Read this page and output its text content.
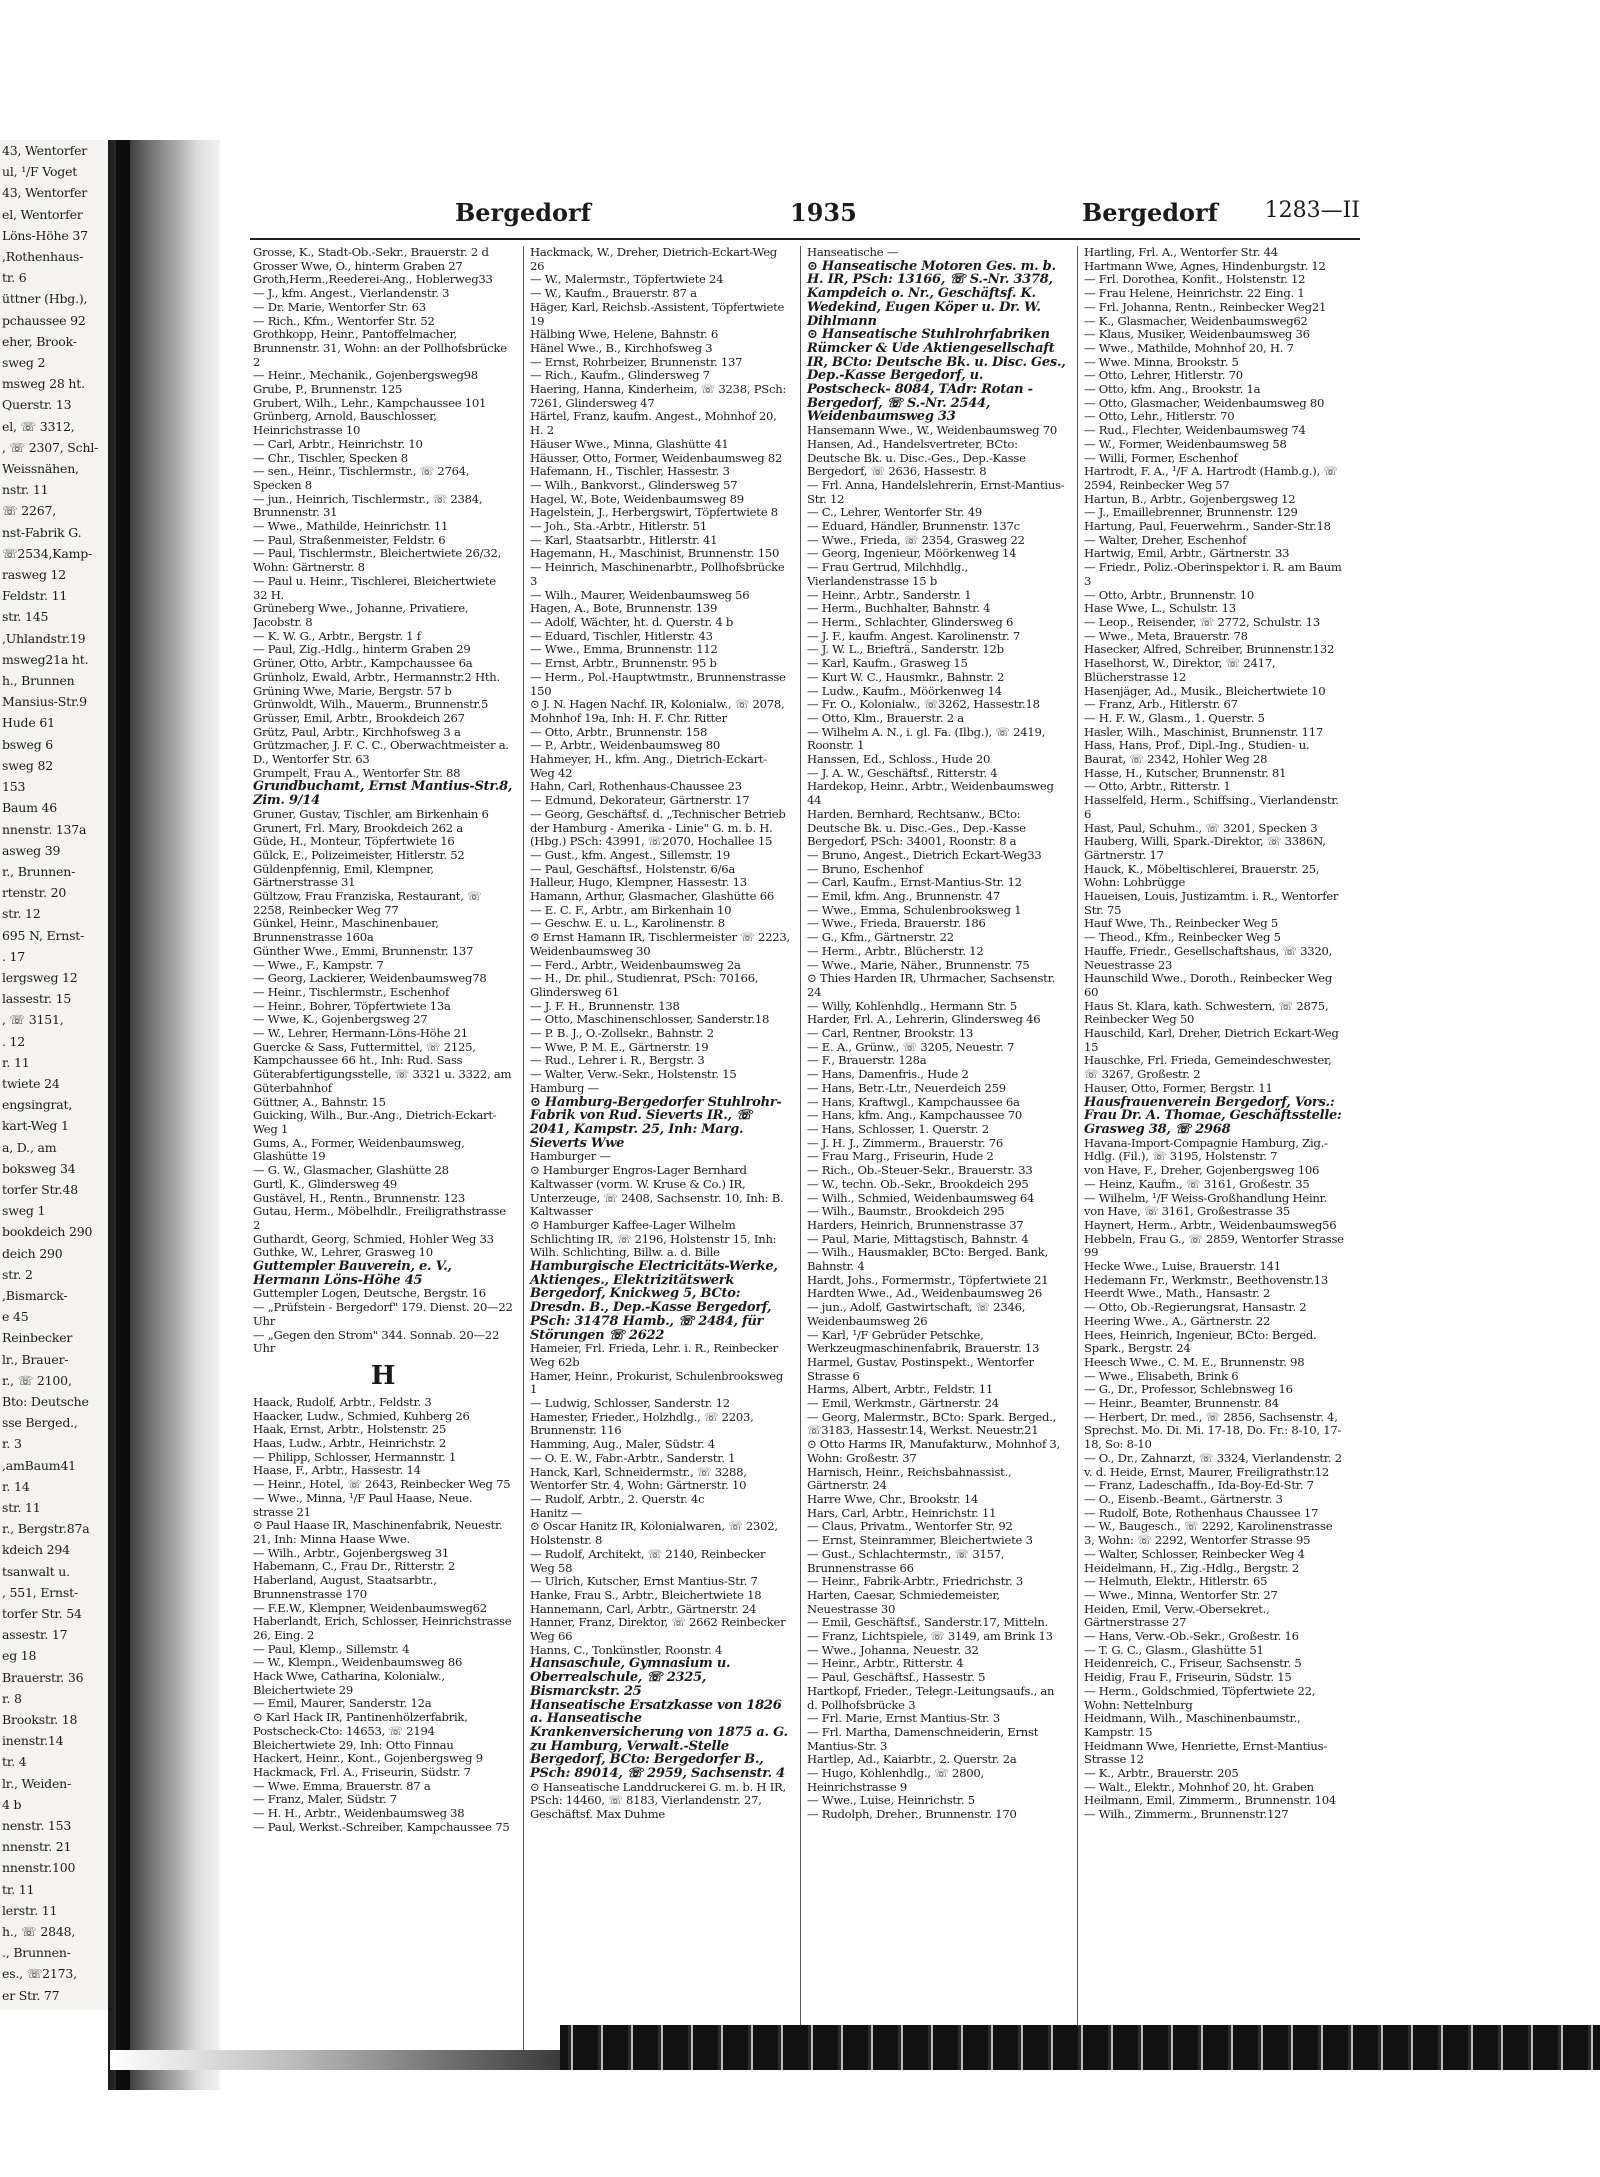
43, Wentorfer
ul, ¹/F Voget
43, Wentorfer
el, Wentorfer
Löns-Höhe 37
,Rothenhaus-
tr. 6
üttner (Hbg.),
pchaussee 92
eher, Brook-
sweg 2
msweg 28 ht.
Querstr. 13
el, ☏ 3312,
, ☏ 2307, Schl-
Weissnähen,
nstr. 11
☏ 2267,
nst-Fabrik G.
☏2534,Kamp-
rasweg 12
Feldstr. 11
str. 145
,Uhlandstr.19
msweg21a ht.
h., Brunnen
Mansius-Str.9
Hude 61
bsweg 6
sweg 82
153
Baum 46
nnenstr. 137a
asweg 39
r., Brunnen-
rtenstr. 20
str. 12
695 N, Ernst-
. 17
lergsweg 12
lassestr. 15
, ☏ 3151,
. 12
r. 11
twiete 24
engsingrat,
kart-Weg 1
a, D., am
boksweg 34
torfer Str.48
sweg 1
bookdeich 290
deich 290
str. 2
,Bismarck-
e 45
Reinbecker
lr., Brauer-
r., ☏ 2100,
Bto: Deutsche
sse Berged.,
r. 3
,amBaum41
r. 14
str. 11
r., Bergstr.87a
kdeich 294
tsanwalt u.
, 551, Ernst-
torfer Str. 54
assestr. 17
eg 18
Brauerstr. 36
r. 8
Brookstr. 18
inenstr.14
tr. 4
lr., Weiden-
4 b
nenstr. 153
nnenstr. 21
nnenstr.100
tr. 11
lerstr. 11
h., ☏ 2848,
., Brunnen-
es., ☏2173,
er Str. 77
Bergedorf	1935	Bergedorf 1283—II

Grosse, K., Stadt-Ob.-Sekr., Brauerstr. 2 d

Grosser Wwe, O., hinterm Graben 27

Groth,Herm.,Reederei-Ang., Hoblerweg33

— J., kfm. Angest., Vierlandenstr. 3

— Dr. Marie, Wentorfer Str. 63

— Rich., Kfm., Wentorfer Str. 52

Grothkopp, Heinr., Pantoffelmacher, Brunnenstr. 31, Wohn: an der Pollhofsbrücke 2

— Heinr., Mechanik., Gojenbergsweg98

Grube, P., Brunnenstr. 125

Grubert, Wilh., Lehr., Kampchaussee 101

Grünberg, Arnold, Bauschlosser, Heinrichstrasse 10

— Carl, Arbtr., Heinrichstr. 10

— Chr., Tischler, Specken 8

— sen., Heinr., Tischlermstr., ☏ 2764, Specken 8

— jun., Heinrich, Tischlermstr., ☏ 2384, Brunnenstr. 31

— Wwe., Mathilde, Heinrichstr. 11

— Paul, Straßenmeister, Feldstr. 6

— Paul, Tischlermstr., Bleichertwiete 26/32, Wohn: Gärtnerstr. 8

— Paul u. Heinr., Tischlerei, Bleichertwiete 32 H.

Grüneberg Wwe., Johanne, Privatiere, Jacobstr. 8

— K. W. G., Arbtr., Bergstr. 1 f

— Paul, Zig.-Hdlg., hinterm Graben 29

Grüner, Otto, Arbtr., Kampchaussee 6a

Grünholz, Ewald, Arbtr., Hermannstr.2 Hth.

Grüning Wwe, Marie, Bergstr. 57 b

Grünwoldt, Wilh., Mauerm., Brunnenstr.5

Grüsser, Emil, Arbtr., Brookdeich 267

Grütz, Paul, Arbtr., Kirchhofsweg 3 a

Grützmacher, J. F. C. C., Oberwachtmeister a. D., Wentorfer Str. 63

Grumpelt, Frau A., Wentorfer Str. 88

Grundbuchamt, Ernst Mantius-Str.8, Zim. 9/14

Gruner, Gustav, Tischler, am Birkenhain 6

Grunert, Frl. Mary, Brookdeich 262 a

Güde, H., Monteur, Töpfertwiete 16

Gülck, E., Polizeimeister, Hitlerstr. 52

Güldenpfennig, Emil, Klempner, Gärtnerstrasse 31

Gültzow, Frau Franziska, Restaurant, ☏ 2258, Reinbecker Weg 77

Günkel, Heinr., Maschinenbauer, Brunnenstrasse 160a

Günther Wwe., Emmi, Brunnenstr. 137

— Wwe., F., Kampstr. 7

— Georg, Lackierer, Weidenbaumsweg78

— Heinr., Tischlermstr., Eschenhof

— Heinr., Bohrer, Töpfertwiete 13a

— Wwe, K., Gojenbergsweg 27

— W., Lehrer, Hermann-Löns-Höhe 21

Guercke & Sass, Futtermittel, ☏ 2125, Kampchaussee 66 ht., Inh: Rud. Sass

Güterabfertigungsstelle, ☏ 3321 u. 3322, am Güterbahnhof

Güttner, A., Bahnstr. 15

Guicking, Wilh., Bur.-Ang., Dietrich-Eckart-Weg 1

Gums, A., Former, Weidenbaumsweg, Glashütte 19

— G. W., Glasmacher, Glashütte 28

Gurtl, K., Glindersweg 49

Gustävel, H., Rentn., Brunnenstr. 123

Gutau, Herm., Möbelhdlr., Freiligrathstrasse 2

Guthardt, Georg, Schmied, Hohler Weg 33

Guthke, W., Lehrer, Grasweg 10

Guttempler Bauverein, e. V., Hermann Löns-Höhe 45

Guttempler Logen, Deutsche, Bergstr. 16

— „Prüfstein - Bergedorf" 179. Dienst. 20—22 Uhr

— „Gegen den Strom" 344. Sonnab. 20—22 Uhr

H

Haack, Rudolf, Arbtr., Feldstr. 3

Haacker, Ludw., Schmied, Kuhberg 26

Haak, Ernst, Arbtr., Holstenstr. 25

Haas, Ludw., Arbtr., Heinrichstr. 2

— Philipp, Schlosser, Hermannstr. 1

Haase, F., Arbtr., Hassestr. 14

— Heinr., Hotel, ☏ 2643, Reinbecker Weg 75

— Wwe., Minna, ¹/F Paul Haase, Neue. strasse 21

⊙ Paul Haase IR, Maschinenfabrik, Neuestr. 21, Inh: Minna Haase Wwe.

— Wilh., Arbtr., Gojenbergsweg 31

Habemann, C., Frau Dr., Ritterstr. 2

Haberland, August, Staatsarbtr., Brunnenstrasse 170

— F.E.W., Klempner, Weidenbaumsweg62

Haberlandt, Erich, Schlosser, Heinrichstrasse 26, Eing. 2

— Paul, Klemp., Sillemstr. 4

— W., Klempn., Weidenbaumsweg 86

Hack Wwe, Catharina, Kolonialw., Bleichertwiete 29

— Emil, Maurer, Sanderstr. 12a

⊙ Karl Hack IR, Pantinenhölzerfabrik, Postscheck-Cto: 14653, ☏ 2194 Bleichertwiete 29, Inh: Otto Finnau

Hackert, Heinr., Kont., Gojenbergsweg 9

Hackmack, Frl. A., Friseurin, Südstr. 7

— Wwe. Emma, Brauerstr. 87 a

— Franz, Maler, Südstr. 7

— H. H., Arbtr., Weidenbaumsweg 38

— Paul, Werkst.-Schreiber, Kampchaussee 75

Hackmack, W., Dreher, Dietrich-Eckart-Weg 26

— W., Malermstr., Töpfertwiete 24

— W., Kaufm., Brauerstr. 87 a

Häger, Karl, Reichsb.-Assistent, Töpfertwiete 19

Hälbing Wwe, Helene, Bahnstr. 6

Hänel Wwe., B., Kirchhofsweg 3

— Ernst, Rohrbeizer, Brunnenstr. 137

— Rich., Kaufm., Glindersweg 7

Haering, Hanna, Kinderheim, ☏ 3238, PSch: 7261, Glindersweg 47

Härtel, Franz, kaufm. Angest., Mohnhof 20, H. 2

Häuser Wwe., Minna, Glashütte 41

Häusser, Otto, Former, Weidenbaumsweg 82

Hafemann, H., Tischler, Hassestr. 3

— Wilh., Bankvorst., Glindersweg 57

Hagel, W., Bote, Weidenbaumsweg 89

Hagelstein, J., Herbergswirt, Töpfertwiete 8

— Joh., Sta.-Arbtr., Hitlerstr. 51

— Karl, Staatsarbtr., Hitlerstr. 41

Hagemann, H., Maschinist, Brunnenstr. 150

— Heinrich, Maschinenarbtr., Pollhofsbrücke 3

— Wilh., Maurer, Weidenbaumsweg 56

Hagen, A., Bote, Brunnenstr. 139

— Adolf, Wächter, ht. d. Querstr. 4 b

— Eduard, Tischler, Hitlerstr. 43

— Wwe., Emma, Brunnenstr. 112

— Ernst, Arbtr., Brunnenstr. 95 b

— Herm., Pol.-Hauptwtmstr., Brunnenstrasse 150

⊙ J. N. Hagen Nachf. IR, Kolonialw., ☏ 2078, Mohnhof 19a, Inh: H. F. Chr. Ritter

— Otto, Arbtr., Brunnenstr. 158

— P., Arbtr., Weidenbaumsweg 80

Hahmeyer, H., kfm. Ang., Dietrich-Eckart-Weg 42

Hahn, Carl, Rothenhaus-Chaussee 23

— Edmund, Dekorateur, Gärtnerstr. 17

— Georg, Geschäftsf. d. „Technischer Betrieb der Hamburg - Amerika - Linie" G. m. b. H. (Hbg.) PSch: 43991, ☏2070, Hochallee 15

— Gust., kfm. Angest., Sillemstr. 19

— Paul, Geschäftsf., Holstenstr. 6/6a

Halleur, Hugo, Klempner, Hassestr. 13

Hamann, Arthur, Glasmacher, Glashütte 66

— E. C. F., Arbtr., am Birkenhain 10

— Geschw. E. u. L., Karolinenstr. 8

⊙ Ernst Hamann IR, Tischlermeister ☏ 2223, Weidenbaumsweg 30

— Ferd., Arbtr., Weidenbaumsweg 2a

— H., Dr. phil., Studienrat, PSch: 70166, Glindersweg 61

— J. F. H., Brunnenstr. 138

— Otto, Maschinenschlosser, Sanderstr.18

— P. B. J., O.-Zollsekr., Bahnstr. 2

— Wwe, P. M. E., Gärtnerstr. 19

— Rud., Lehrer i. R., Bergstr. 3

— Walter, Verw.-Sekr., Holstenstr. 15

Hamburg —

⊙ Hamburg-Bergedorfer Stuhlrohr-Fabrik von Rud. Sieverts IR., ☏ 2041, Kampstr. 25, Inh: Marg. Sieverts Wwe

Hamburger —

⊙ Hamburger Engros-Lager Bernhard Kaltwasser (vorm. W. Kruse & Co.) IR, Unterzeuge, ☏ 2408, Sachsenstr. 10, Inh: B. Kaltwasser

⊙ Hamburger Kaffee-Lager Wilhelm Schlichting IR, ☏ 2196, Holstenstr 15, Inh: Wilh. Schlichting, Billw. a. d. Bille

Hamburgische Electricitäts-Werke, Aktienges., Elektrizitätswerk Bergedorf, Knickweg 5, BCto: Dresdn. B., Dep.-Kasse Bergedorf, PSch: 31478 Hamb., ☏ 2484, für Störungen ☏ 2622

Hameier, Frl. Frieda, Lehr. i. R., Reinbecker Weg 62b

Hamer, Heinr., Prokurist, Schulenbrooksweg 1

— Ludwig, Schlosser, Sanderstr. 12

Hamester, Frieder., Holzhdlg., ☏ 2203, Brunnenstr. 116

Hamming, Aug., Maler, Südstr. 4

— O. E. W., Fabr.-Arbtr., Sanderstr. 1

Hanck, Karl, Schneidermstr., ☏ 3288, Wentorfer Str. 4, Wohn: Gärtnerstr. 10

— Rudolf, Arbtr., 2. Querstr. 4c

Hanitz —

⊙ Oscar Hanitz IR, Kolonialwaren, ☏ 2302, Holstenstr. 8

— Rudolf, Architekt, ☏ 2140, Reinbecker Weg 58

— Ulrich, Kutscher, Ernst Mantius-Str. 7

Hanke, Frau S., Arbtr., Bleichertwiete 18

Hannemann, Carl, Arbtr., Gärtnerstr. 24

Hanner, Franz, Direktor, ☏ 2662 Reinbecker Weg 66

Hanns, C., Tonkünstler, Roonstr. 4

Hansaschule, Gymnasium u. Oberrealschule, ☏ 2325, Bismarckstr. 25

Hanseatische Ersatzkasse von 1826 a. Hanseatische Krankenversicherung von 1875 a. G. zu Hamburg, Verwalt.-Stelle Bergedorf, BCto: Bergedorfer B., PSch: 89014, ☏ 2959, Sachsenstr. 4

⊙ Hanseatische Landdruckerei G. m. b. H IR, PSch: 14460, ☏ 8183, Vierlandenstr. 27, Geschäftsf. Max Duhme

Hanseatische —

⊙ Hanseatische Motoren Ges. m. b. H. IR, PSch: 13166, ☏ S.-Nr. 3378, Kampdeich o. Nr., Geschäftsf. K. Wedekind, Eugen Köper u. Dr. W. Dihlmann

⊙ Hanseatische Stuhlrohrfabriken Rümcker & Ude Aktiengesellschaft IR, BCto: Deutsche Bk. u. Disc. Ges., Dep.-Kasse Bergedorf, u. Postscheck- 8084, TAdr: Rotan - Bergedorf, ☏ S.-Nr. 2544, Weidenbaumsweg 33

Hansemann Wwe., W., Weidenbaumsweg 70

Hansen, Ad., Handelsvertreter, BCto: Deutsche Bk. u. Disc.-Ges., Dep.-Kasse Bergedorf, ☏ 2636, Hassestr. 8

— Frl. Anna, Handelslehrerin, Ernst-Mantius-Str. 12

— C., Lehrer, Wentorfer Str. 49

— Eduard, Händler, Brunnenstr. 137c

— Wwe., Frieda, ☏ 2354, Grasweg 22

— Georg, Ingenieur, Möörkenweg 14

— Frau Gertrud, Milchhdlg., Vierlandenstrasse 15 b

— Heinr., Arbtr., Sanderstr. 1

— Herm., Buchhalter, Bahnstr. 4

— Herm., Schlachter, Glindersweg 6

— J. F., kaufm. Angest. Karolinenstr. 7

— J. W. L., Briefträ., Sanderstr. 12b

— Karl, Kaufm., Grasweg 15

— Kurt W. C., Hausmkr., Bahnstr. 2

— Ludw., Kaufm., Möörkenweg 14

— Fr. O., Kolonialw., ☏3262, Hassestr.18

— Otto, Klm., Brauerstr. 2 a

— Wilhelm A. N., i. gl. Fa. (Ilbg.), ☏ 2419, Roonstr. 1

Hanssen, Ed., Schloss., Hude 20

— J. A. W., Geschäftsf., Ritterstr. 4

Hardekop, Heinr., Arbtr., Weidenbaumsweg 44

Harden, Bernhard, Rechtsanw., BCto: Deutsche Bk. u. Disc.-Ges., Dep.-Kasse Bergedorf, PSch: 34001, Roonstr. 8 a

— Bruno, Angest., Dietrich Eckart-Weg33

— Bruno, Eschenhof

— Carl, Kaufm., Ernst-Mantius-Str. 12

— Emil, kfm. Ang., Brunnenstr. 47

— Wwe., Emma, Schulenbrooksweg 1

— Wwe., Frieda, Brauerstr. 186

— G., Kfm., Gärtnerstr. 22

— Herm., Arbtr., Blücherstr. 12

— Wwe., Marie, Näher., Brunnenstr. 75

⊙ Thies Harden IR, Uhrmacher, Sachsenstr. 24

— Willy, Kohlenhdlg., Hermann Str. 5

Harder, Frl. A., Lehrerin, Glindersweg 46

— Carl, Rentner, Brookstr. 13

— E. A., Grünw., ☏ 3205, Neuestr. 7

— F., Brauerstr. 128a

— Hans, Damenfris., Hude 2

— Hans, Betr.-Ltr., Neuerdeich 259

— Hans, Kraftwgl., Kampchaussee 6a

— Hans, kfm. Ang., Kampchaussee 70

— Hans, Schlosser, 1. Querstr. 2

— J. H. J., Zimmerm., Brauerstr. 76

— Frau Marg., Friseurin, Hude 2

— Rich., Ob.-Steuer-Sekr., Brauerstr. 33

— W., techn. Ob.-Sekr., Brookdeich 295

— Wilh., Schmied, Weidenbaumsweg 64

— Wilh., Baumstr., Brookdeich 295

Harders, Heinrich, Brunnenstrasse 37

— Paul, Marie, Mittagstisch, Bahnstr. 4

— Wilh., Hausmakler, BCto: Berged. Bank, Bahnstr. 4

Hardt, Johs., Formermstr., Töpfertwiete 21

Hardten Wwe., Ad., Weidenbaumsweg 26

— jun., Adolf, Gastwirtschaft, ☏ 2346, Weidenbaumsweg 26

— Karl, ¹/F Gebrüder Petschke, Werkzeugmaschinenfabrik, Brauerstr. 13

Harmel, Gustav, Postinspekt., Wentorfer Strasse 6

Harms, Albert, Arbtr., Feldstr. 11

— Emil, Werkmstr., Gärtnerstr. 24

— Georg, Malermstr., BCto: Spark. Berged., ☏3183, Hassestr.14, Werkst. Neuestr.21

⊙ Otto Harms IR, Manufakturw., Mohnhof 3, Wohn: Großestr. 37

Harnisch, Heinr., Reichsbahnassist., Gärtnerstr. 24

Harre Wwe, Chr., Brookstr. 14

Hars, Carl, Arbtr., Heinrichstr. 11

— Claus, Privatm., Wentorfer Str. 92

— Ernst, Steinrammer, Bleichertwiete 3

— Gust., Schlachtermstr., ☏ 3157, Brunnenstrasse 66

— Heinr., Fabrik-Arbtr., Friedrichstr. 3

Harten, Caesar, Schmiedemeister, Neuestrasse 30

— Emil, Geschäftsf., Sanderstr.17, Mitteln.

— Franz, Lichtspiele, ☏ 3149, am Brink 13

— Wwe., Johanna, Neuestr. 32

— Heinr., Arbtr., Ritterstr. 4

— Paul, Geschäftsf., Hassestr. 5

Hartkopf, Frieder., Telegr.-Leitungsaufs., an d. Pollhofsbrücke 3

— Frl. Marie, Ernst Mantius-Str. 3

— Frl. Martha, Damenschneiderin, Ernst Mantius-Str. 3

Hartlep, Ad., Kaiarbtr., 2. Querstr. 2a

— Hugo, Kohlenhdlg., ☏ 2800, Heinrichstrasse 9

— Wwe., Luise, Heinrichstr. 5

— Rudolph, Dreher., Brunnenstr. 170

Hartling, Frl. A., Wentorfer Str. 44

Hartmann Wwe, Agnes, Hindenburgstr. 12

— Frl. Dorothea, Konfit., Holstenstr. 12

— Frau Helene, Heinrichstr. 22 Eing. 1

— Frl. Johanna, Rentn., Reinbecker Weg21

— K., Glasmacher, Weidenbaumsweg62

— Klaus, Musiker, Weidenbaumsweg 36

— Wwe., Mathilde, Mohnhof 20, H. 7

— Wwe. Minna, Brookstr. 5

— Otto, Lehrer, Hitlerstr. 70

— Otto, kfm. Ang., Brookstr. 1a

— Otto, Glasmacher, Weidenbaumsweg 80

— Otto, Lehr., Hitlerstr. 70

— Rud., Flechter, Weidenbaumsweg 74

— W., Former, Weidenbaumsweg 58

— Willi, Former, Eschenhof

Hartrodt, F. A., ¹/F A. Hartrodt (Hamb.g.), ☏ 2594, Reinbecker Weg 57

Hartun, B., Arbtr., Gojenbergsweg 12

— J., Emaillebrenner, Brunnenstr. 129

Hartung, Paul, Feuerwehrm., Sander-Str.18

— Walter, Dreher, Eschenhof

Hartwig, Emil, Arbtr., Gärtnerstr. 33

— Friedr., Poliz.-Oberinspektor i. R. am Baum 3

— Otto, Arbtr., Brunnenstr. 10

Hase Wwe, L., Schulstr. 13

— Leop., Reisender, ☏ 2772, Schulstr. 13

— Wwe., Meta, Brauerstr. 78

Hasecker, Alfred, Schreiber, Brunnenstr.132

Haselhorst, W., Direktor, ☏ 2417, Blücherstrasse 12

Hasenjäger, Ad., Musik., Bleichertwiete 10

— Franz, Arb., Hitlerstr. 67

— H. F. W., Glasm., 1. Querstr. 5

Hasler, Wilh., Maschinist, Brunnenstr. 117

Hass, Hans, Prof., Dipl.-Ing., Studien- u. Baurat, ☏ 2342, Hohler Weg 28

Hasse, H., Kutscher, Brunnenstr. 81

— Otto, Arbtr., Ritterstr. 1

Hasselfeld, Herm., Schiffsing., Vierlandenstr. 6

Hast, Paul, Schuhm., ☏ 3201, Specken 3

Hauberg, Willi, Spark.-Direktor, ☏ 3386N, Gärtnerstr. 17

Hauck, K., Möbeltischlerei, Brauerstr. 25, Wohn: Lohbrügge

Haueisen, Louis, Justizamtm. i. R., Wentorfer Str. 75

Hauf Wwe, Th., Reinbecker Weg 5

— Theod., Kfm., Reinbecker Weg 5

Hauffe, Friedr., Gesellschaftshaus, ☏ 3320, Neuestrasse 23

Haunschild Wwe., Doroth., Reinbecker Weg 60

Haus St. Klara, kath. Schwestern, ☏ 2875, Reinbecker Weg 50

Hauschild, Karl, Dreher, Dietrich Eckart-Weg 15

Hauschke, Frl. Frieda, Gemeindeschwester, ☏ 3267, Großestr. 2

Hauser, Otto, Former, Bergstr. 11

Hausfrauenverein Bergedorf, Vors.: Frau Dr. A. Thomae, Geschäftsstelle: Grasweg 38, ☏ 2968

Havana-Import-Compagnie Hamburg, Zig.-Hdlg. (Fil.), ☏ 3195, Holstenstr. 7

von Have, F., Dreher, Gojenbergsweg 106

— Heinz, Kaufm., ☏ 3161, Großestr. 35

— Wilhelm, ¹/F Weiss-Großhandlung Heinr. von Have, ☏ 3161, Großestrasse 35

Haynert, Herm., Arbtr., Weidenbaumsweg56

Hebbeln, Frau G., ☏ 2859, Wentorfer Strasse 99

Hecke Wwe., Luise, Brauerstr. 141

Hedemann Fr., Werkmstr., Beethovenstr.13

Heerdt Wwe., Math., Hansastr. 2

— Otto, Ob.-Regierungsrat, Hansastr. 2

Heering Wwe., A., Gärtnerstr. 22

Hees, Heinrich, Ingenieur, BCto: Berged. Spark., Bergstr. 24

Heesch Wwe., C. M. E., Brunnenstr. 98

— Wwe., Elisabeth, Brink 6

— G., Dr., Professor, Schlebnsweg 16

— Heinr., Beamter, Brunnenstr. 84

— Herbert, Dr. med., ☏ 2856, Sachsenstr. 4, Sprechst. Mo. Di. Mi. 17-18, Do. Fr.: 8-10, 17-18, So: 8-10

— O., Dr., Zahnarzt, ☏ 3324, Vierlandenstr. 2

v. d. Heide, Ernst, Maurer, Freiligrathstr.12

— Franz, Ladeschaffn., Ida-Boy-Ed-Str. 7

— O., Eisenb.-Beamt., Gärtnerstr. 3

— Rudolf, Bote, Rothenhaus Chaussee 17

— W., Baugesch., ☏ 2292, Karolinenstrasse 3, Wohn: ☏ 2292, Wentorfer Strasse 95

— Walter, Schlosser, Reinbecker Weg 4

Heidelmann, H., Zig.-Hdlg., Bergstr. 2

— Helmuth, Elektr., Hitlerstr. 65

— Wwe., Minna, Wentorfer Str. 27

Heiden, Emil, Verw.-Obersekret., Gärtnerstrasse 27

— Hans, Verw.-Ob.-Sekr., Großestr. 16

— T. G. C., Glasm., Glashütte 51

Heidenreich, C., Friseur, Sachsenstr. 5

Heidig, Frau F., Friseurin, Südstr. 15

— Herm., Goldschmied, Töpfertwiete 22, Wohn: Nettelnburg

Heidmann, Wilh., Maschinenbaumstr., Kampstr. 15

Heidmann Wwe, Henriette, Ernst-Mantius-Strasse 12

— K., Arbtr., Brauerstr. 205

— Walt., Elektr., Mohnhof 20, ht. Graben

Heilmann, Emil, Zimmerm., Brunnenstr. 104

— Wilh., Zimmerm., Brunnenstr.127
